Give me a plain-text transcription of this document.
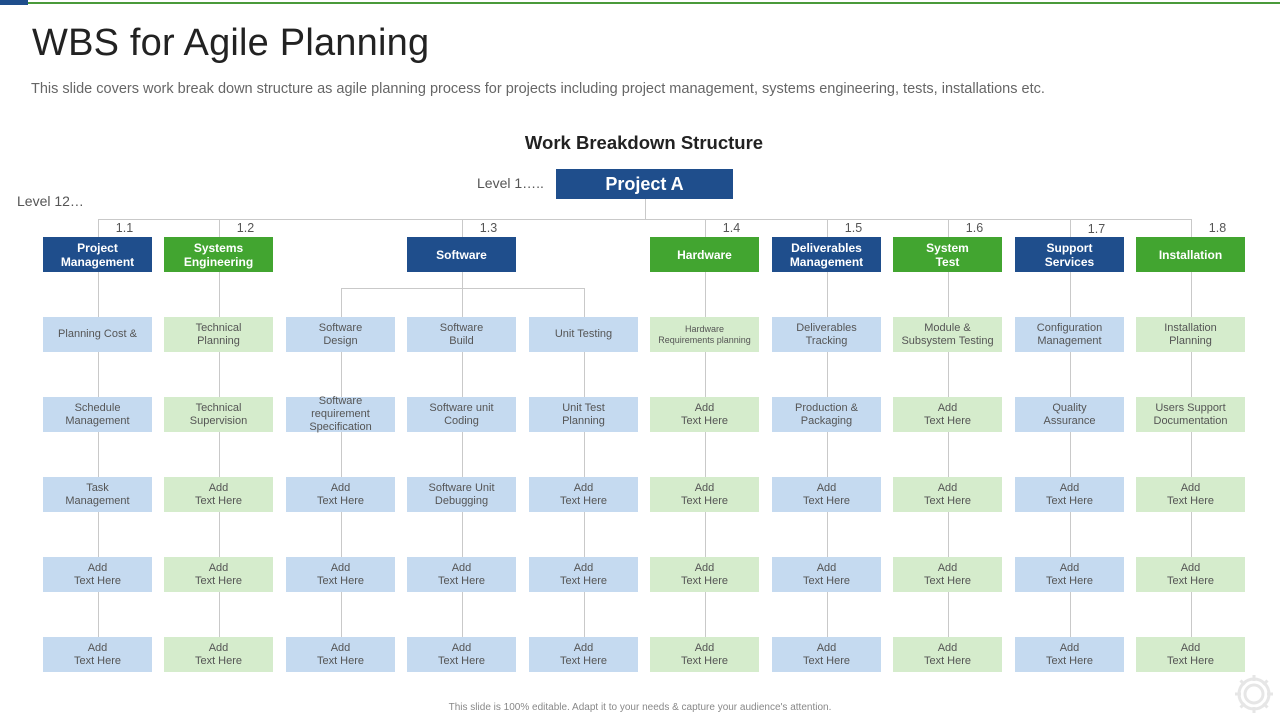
WBS for Agile Planning
This slide covers work break down structure as agile planning process for projects including project management, systems engineering, tests, installations etc.
Work Breakdown Structure
Level 1…..
Level 12…
1.1
Project
Management
Planning Cost &
Schedule
Management
Task
Management
Add
Text Here
Add
Text Here
1.2
Systems
Engineering
Technical
Planning
Technical
Supervision
Add
Text Here
Add
Text Here
Add
Text Here
Software
Design
Software
requirement
Specification
Add
Text Here
Add
Text Here
Add
Text Here
1.3
Software
Software
Build
Software unit
Coding
Software Unit
Debugging
Add
Text Here
Add
Text Here
Unit Testing
Unit Test
Planning
Add
Text Here
Add
Text Here
Add
Text Here
1.4
Hardware
Hardware
Requirements planning
Add
Text Here
Add
Text Here
Add
Text Here
Add
Text Here
1.5
Deliverables
Management
Deliverables
Tracking
Production &
Packaging
Add
Text Here
Add
Text Here
Add
Text Here
1.6
System
Test
Module &
Subsystem Testing
Add
Text Here
Add
Text Here
Add
Text Here
Add
Text Here
1.7
Support
Services
Configuration
Management
Quality
Assurance
Add
Text Here
Add
Text Here
Add
Text Here
1.8
Installation
Installation
Planning
Users Support
Documentation
Add
Text Here
Add
Text Here
Add
Text Here
Project A
This slide is 100% editable. Adapt it to your needs & capture your audience's attention.
